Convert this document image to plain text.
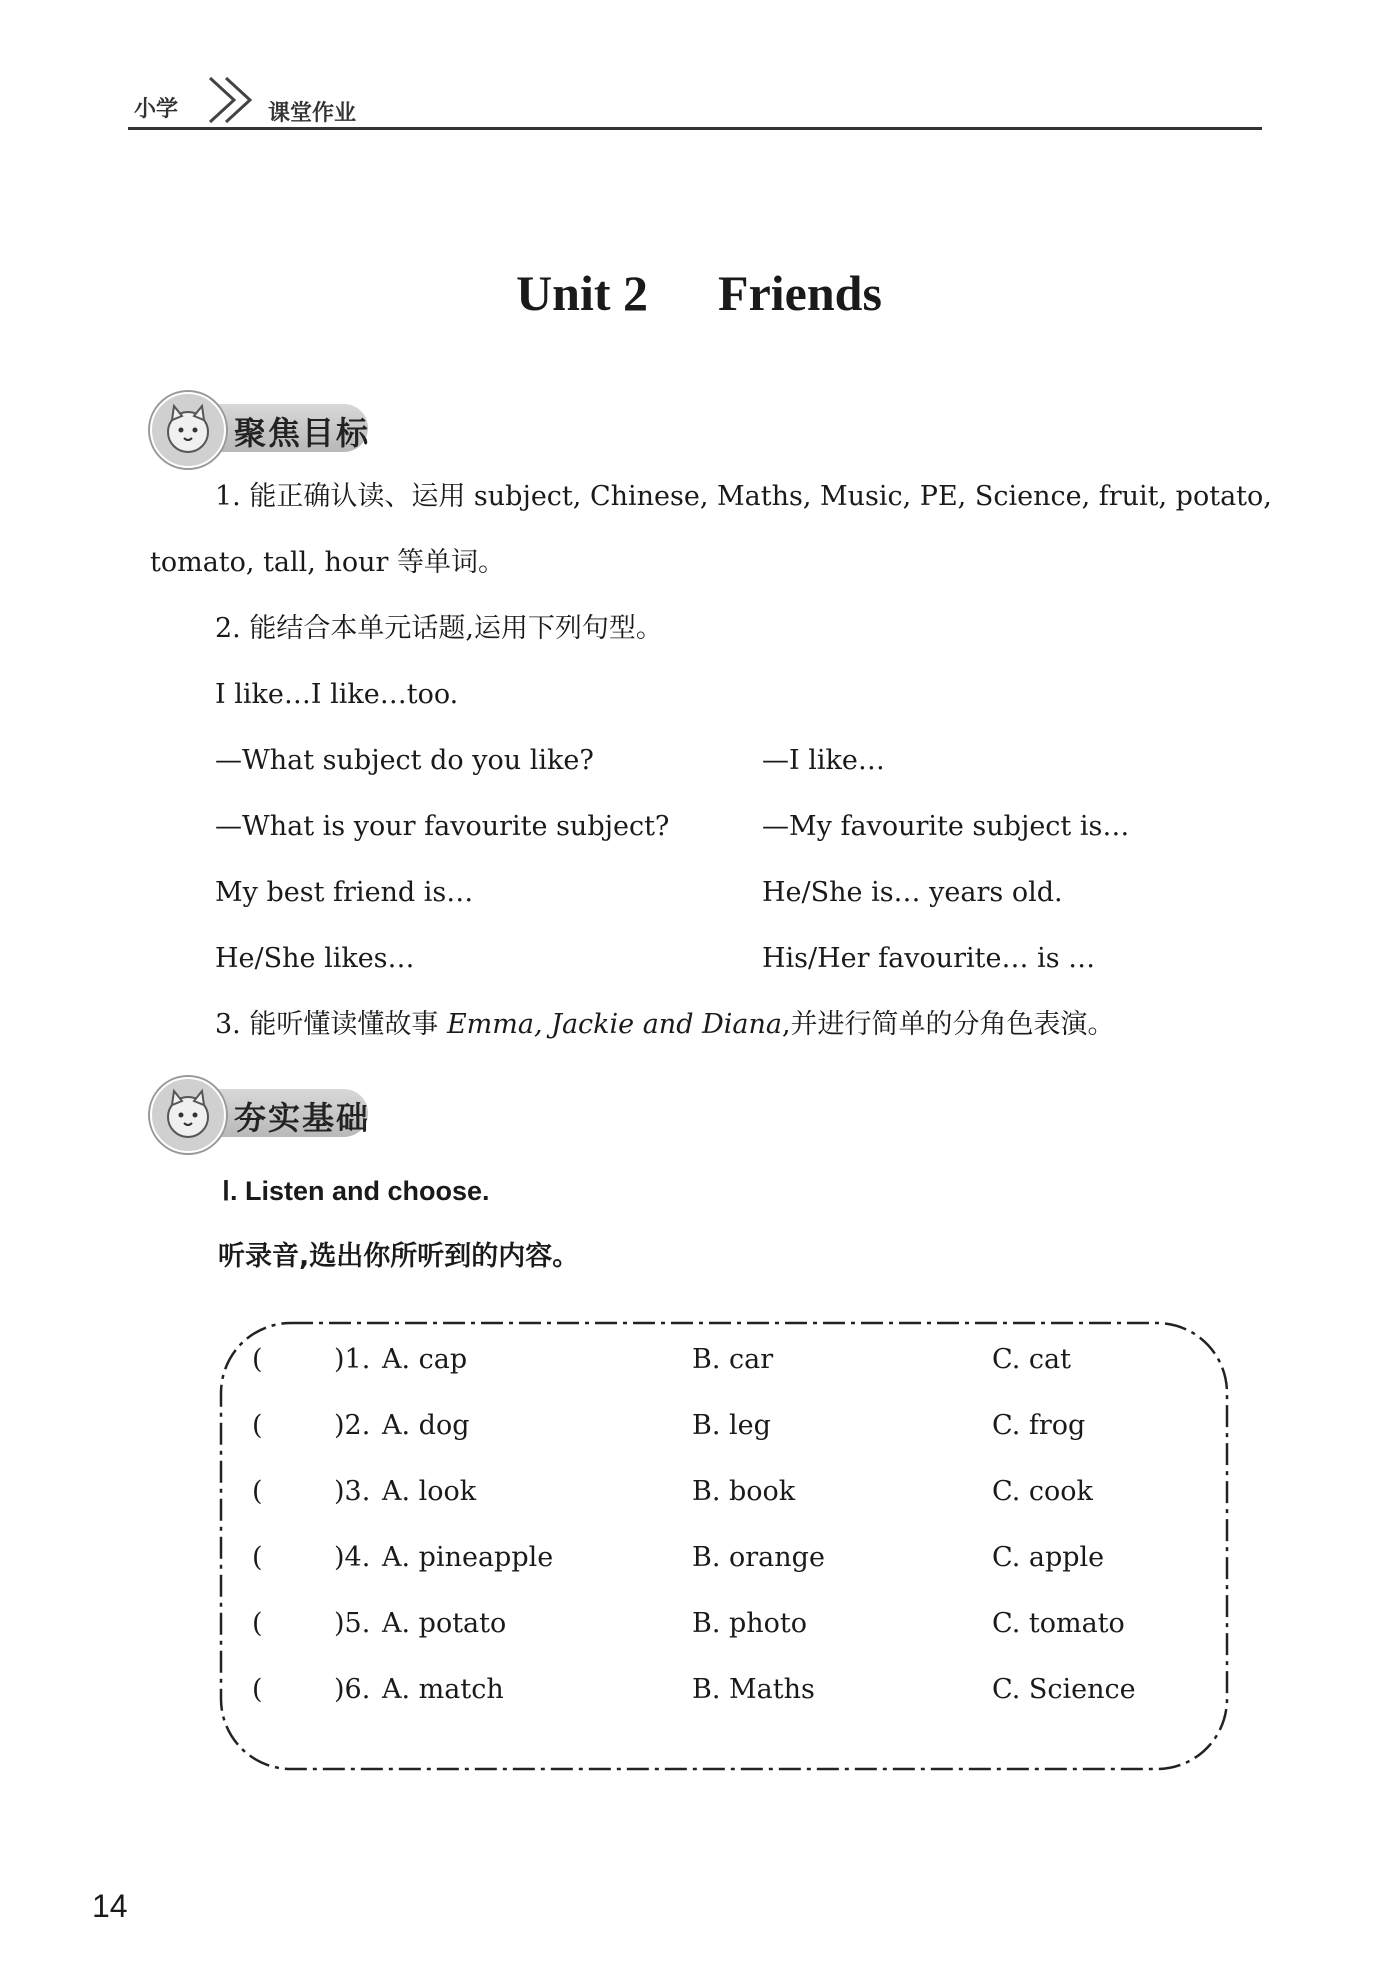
小学	课堂作业
Unit 2 Friends
聚焦目标
1. 能正确认读、运用 subject, Chinese, Maths, Music, PE, Science, fruit, potato,
tomato, tall, hour 等单词。
2. 能结合本单元话题,运用下列句型。
I like…I like…too.
—What subject do you like?	—I like…
—What is your favourite subject?	—My favourite subject is…
My best friend is…	He/She is… years old.
He/She likes…	His/Her favourite… is …
3. 能听懂读懂故事 Emma, Jackie and Diana,并进行简单的分角色表演。
夯实基础
Ⅰ. Listen and choose.
听录音,选出你所听到的内容。
(	)1. A. cap	B. car	C. cat
(	)2. A. dog	B. leg	C. frog
(	)3. A. look	B. book	C. cook
(	)4. A. pineapple	B. orange	C. apple
(	)5. A. potato	B. photo	C. tomato
(	)6. A. match	B. Maths	C. Science
14
